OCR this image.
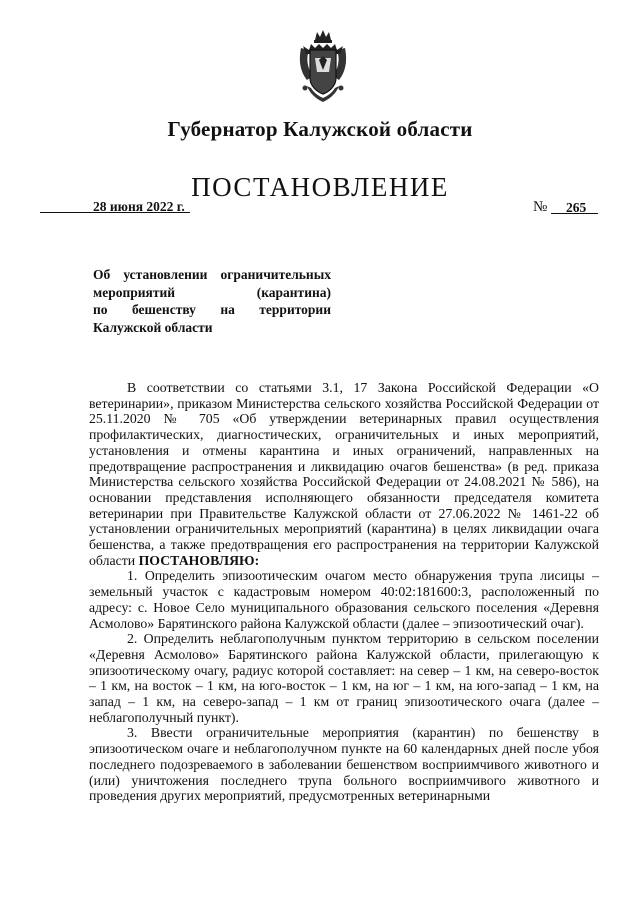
Губернатор Калужской области
ПОСТАНОВЛЕНИЕ
28 июня 2022 г.	№ 265
Об установлении ограничительных
мероприятий (карантина)
по бешенству на территории
Калужской области

В соответствии со статьями 3.1, 17 Закона Российской Федерации «О ветеринарии», приказом Министерства сельского хозяйства Российской Федерации от 25.11.2020 № 705 «Об утверждении ветеринарных правил осуществления профилактических, диагностических, ограничительных и иных мероприятий, установления и отмены карантина и иных ограничений, направленных на предотвращение распространения и ликвидацию очагов бешенства» (в ред. приказа Министерства сельского хозяйства Российской Федерации от 24.08.2021 № 586), на основании представления исполняющего обязанности председателя комитета ветеринарии при Правительстве Калужской области от 27.06.2022 № 1461-22 об установлении ограничительных мероприятий (карантина) в целях ликвидации очага бешенства, а также предотвращения его распространения на территории Калужской области ПОСТАНОВЛЯЮ:

1. Определить эпизоотическим очагом место обнаружения трупа лисицы – земельный участок с кадастровым номером 40:02:181600:3, расположенный по адресу: с. Новое Село муниципального образования сельского поселения «Деревня Асмолово» Барятинского района Калужской области (далее – эпизоотический очаг).

2. Определить неблагополучным пунктом территорию в сельском поселении «Деревня Асмолово» Барятинского района Калужской области, прилегающую к эпизоотическому очагу, радиус которой составляет: на север – 1 км, на северо-восток – 1 км, на восток – 1 км, на юго-восток – 1 км, на юг – 1 км, на юго-запад – 1 км, на запад – 1 км, на северо-запад – 1 км от границ эпизоотического очага (далее – неблагополучный пункт).

3. Ввести ограничительные мероприятия (карантин) по бешенству в эпизоотическом очаге и неблагополучном пункте на 60 календарных дней после убоя последнего подозреваемого в заболевании бешенством восприимчивого животного и (или) уничтожения последнего трупа больного восприимчивого животного и проведения других мероприятий, предусмотренных ветеринарными
